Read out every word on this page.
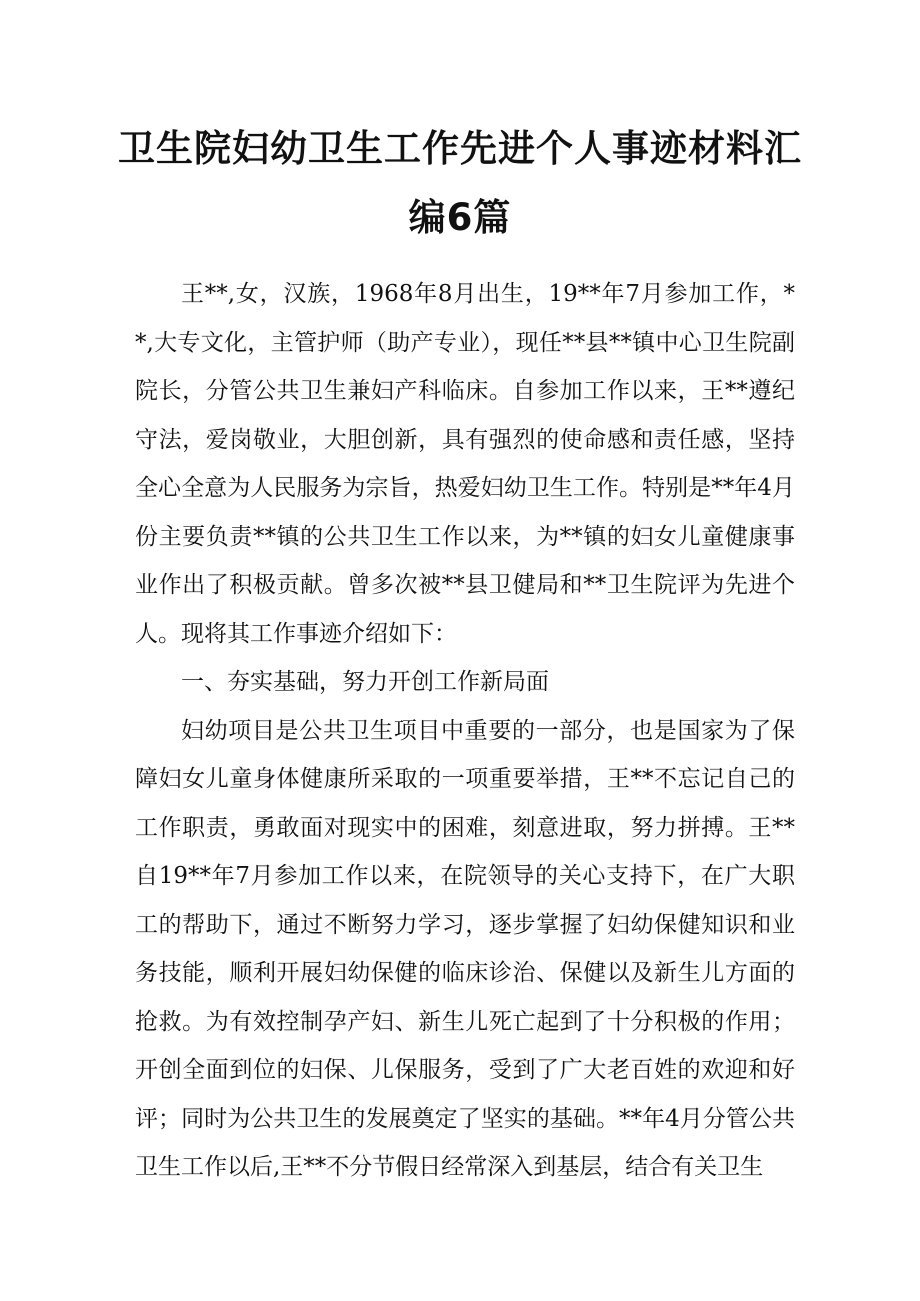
卫生院妇幼卫生工作先进个人事迹材料汇
编6篇

王**,女，汉族，1968年8月出生，19**年7月参加工作，**,大专文化，主管护师（助产专业），现任**县**镇中心卫生院副院长，分管公共卫生兼妇产科临床。自参加工作以来，王**遵纪守法，爱岗敬业，大胆创新，具有强烈的使命感和责任感，坚持全心全意为人民服务为宗旨，热爱妇幼卫生工作。特别是**年4月份主要负责**镇的公共卫生工作以来，为**镇的妇女儿童健康事业作出了积极贡献。曾多次被**县卫健局和**卫生院评为先进个人。现将其工作事迹介绍如下：

一、夯实基础，努力开创工作新局面

妇幼项目是公共卫生项目中重要的一部分，也是国家为了保障妇女儿童身体健康所采取的一项重要举措，王**不忘记自己的工作职责，勇敢面对现实中的困难，刻意进取，努力拼搏。王**自19**年7月参加工作以来，在院领导的关心支持下，在广大职工的帮助下，通过不断努力学习，逐步掌握了妇幼保健知识和业务技能，顺利开展妇幼保健的临床诊治、保健以及新生儿方面的抢救。为有效控制孕产妇、新生儿死亡起到了十分积极的作用；开创全面到位的妇保、儿保服务，受到了广大老百姓的欢迎和好评；同时为公共卫生的发展奠定了坚实的基础。**年4月分管公共卫生工作以后,王**不分节假日经常深入到基层，结合有关卫生
